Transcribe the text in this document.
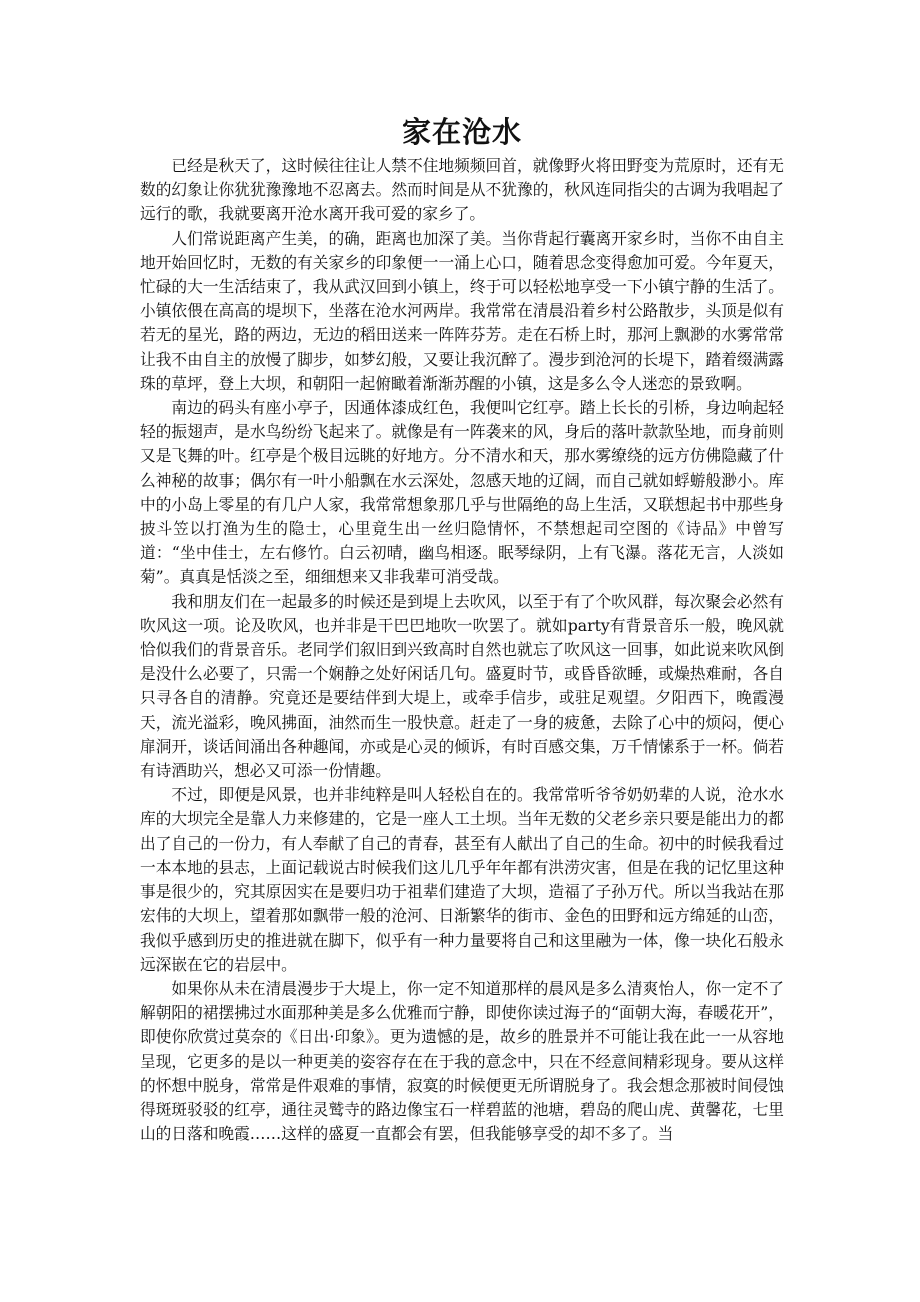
家在沧水

已经是秋天了，这时候往往让人禁不住地频频回首，就像野火将田野变为荒原时，还有无数的幻象让你犹犹豫豫地不忍离去。然而时间是从不犹豫的，秋风连同指尖的古调为我唱起了远行的歌，我就要离开沧水离开我可爱的家乡了。

人们常说距离产生美，的确，距离也加深了美。当你背起行囊离开家乡时，当你不由自主地开始回忆时，无数的有关家乡的印象便一一涌上心口，随着思念变得愈加可爱。今年夏天，忙碌的大一生活结束了，我从武汉回到小镇上，终于可以轻松地享受一下小镇宁静的生活了。小镇依偎在高高的堤坝下，坐落在沧水河两岸。我常常在清晨沿着乡村公路散步，头顶是似有若无的星光，路的两边，无边的稻田送来一阵阵芬芳。走在石桥上时，那河上飘渺的水雾常常让我不由自主的放慢了脚步，如梦幻般，又要让我沉醉了。漫步到沧河的长堤下，踏着缀满露珠的草坪，登上大坝，和朝阳一起俯瞰着渐渐苏醒的小镇，这是多么令人迷恋的景致啊。

南边的码头有座小亭子，因通体漆成红色，我便叫它红亭。踏上长长的引桥，身边响起轻轻的振翅声，是水鸟纷纷飞起来了。就像是有一阵袭来的风，身后的落叶款款坠地，而身前则又是飞舞的叶。红亭是个极目远眺的好地方。分不清水和天，那水雾缭绕的远方仿佛隐藏了什么神秘的故事；偶尔有一叶小船飘在水云深处，忽感天地的辽阔，而自己就如蜉蝣般渺小。库中的小岛上零星的有几户人家，我常常想象那几乎与世隔绝的岛上生活，又联想起书中那些身披斗笠以打渔为生的隐士，心里竟生出一丝归隐情怀，不禁想起司空图的《诗品》中曾写道：“坐中佳士，左右修竹。白云初晴，幽鸟相逐。眠琴绿阴，上有飞瀑。落花无言，人淡如菊”。真真是恬淡之至，细细想来又非我辈可消受哉。

我和朋友们在一起最多的时候还是到堤上去吹风，以至于有了个吹风群，每次聚会必然有吹风这一项。论及吹风，也并非是干巴巴地吹一吹罢了。就如party有背景音乐一般，晚风就恰似我们的背景音乐。老同学们叙旧到兴致高时自然也就忘了吹风这一回事，如此说来吹风倒是没什么必要了，只需一个娴静之处好闲话几句。盛夏时节，或昏昏欲睡，或燥热难耐，各自只寻各自的清静。究竟还是要结伴到大堤上，或牵手信步，或驻足观望。夕阳西下，晚霞漫天，流光溢彩，晚风拂面，油然而生一股快意。赶走了一身的疲惫，去除了心中的烦闷，便心扉洞开，谈话间涌出各种趣闻，亦或是心灵的倾诉，有时百感交集，万千情愫系于一杯。倘若有诗酒助兴，想必又可添一份情趣。

不过，即便是风景，也并非纯粹是叫人轻松自在的。我常常听爷爷奶奶辈的人说，沧水水库的大坝完全是靠人力来修建的，它是一座人工土坝。当年无数的父老乡亲只要是能出力的都出了自己的一份力，有人奉献了自己的青春，甚至有人献出了自己的生命。初中的时候我看过一本本地的县志，上面记载说古时候我们这儿几乎年年都有洪涝灾害，但是在我的记忆里这种事是很少的，究其原因实在是要归功于祖辈们建造了大坝，造福了子孙万代。所以当我站在那宏伟的大坝上，望着那如飘带一般的沧河、日渐繁华的街市、金色的田野和远方绵延的山峦，我似乎感到历史的推进就在脚下，似乎有一种力量要将自己和这里融为一体，像一块化石般永远深嵌在它的岩层中。

如果你从未在清晨漫步于大堤上，你一定不知道那样的晨风是多么清爽怡人，你一定不了解朝阳的裙摆拂过水面那种美是多么优雅而宁静，即使你读过海子的“面朝大海，春暖花开”，即使你欣赏过莫奈的《日出·印象》。更为遗憾的是，故乡的胜景并不可能让我在此一一从容地呈现，它更多的是以一种更美的姿容存在在于我的意念中，只在不经意间精彩现身。要从这样的怀想中脱身，常常是件艰难的事情，寂寞的时候便更无所谓脱身了。我会想念那被时间侵蚀得斑斑驳驳的红亭，通往灵鹫寺的路边像宝石一样碧蓝的池塘，碧岛的爬山虎、黄馨花，七里山的日落和晚霞……这样的盛夏一直都会有罢，但我能够享受的却不多了。当
